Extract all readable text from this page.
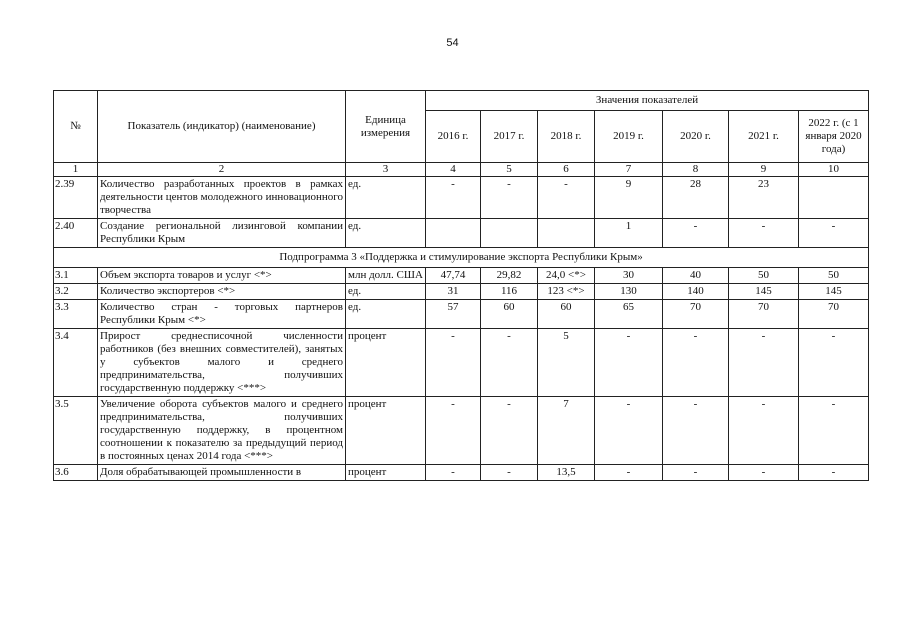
54
№	Показатель (индикатор) (наименование)	Единица измерения	Значения показателей						
			2016 г.	2017 г.	2018 г.	2019 г.	2020 г.	2021 г.	2022 г. (с 1 января 2020 года)
1	2	3	4	5	6	7	8	9	10
2.39	Количество разработанных проектов в рамках деятельности центов молодежного инновационного творчества	ед.	-	-	-	9	28	23	
2.40	Создание региональной лизинговой компании Республики Крым	ед.				1	-	-	-
Подпрограмма 3 «Поддержка и стимулирование экспорта Республики Крым»									
3.1	Объем экспорта товаров и услуг <*>	млн долл. США	47,74	29,82	24,0 <*>	30	40	50	50
3.2	Количество экспортеров <*>	ед.	31	116	123 <*>	130	140	145	145
3.3	Количество стран - торговых партнеров Республики Крым <*>	ед.	57	60	60	65	70	70	70
3.4	Прирост среднесписочной численности работников (без внешних совместителей), занятых у субъектов малого и среднего предпринимательства, получивших государственную поддержку <***>	процент	-	-	5	-	-	-	-
3.5	Увеличение оборота субъектов малого и среднего предпринимательства, получивших государственную поддержку, в процентном соотношении к показателю за предыдущий период в постоянных ценах 2014 года <***>	процент	-	-	7	-	-	-	-
3.6	Доля обрабатывающей промышленности в	процент	-	-	13,5	-	-	-	-
